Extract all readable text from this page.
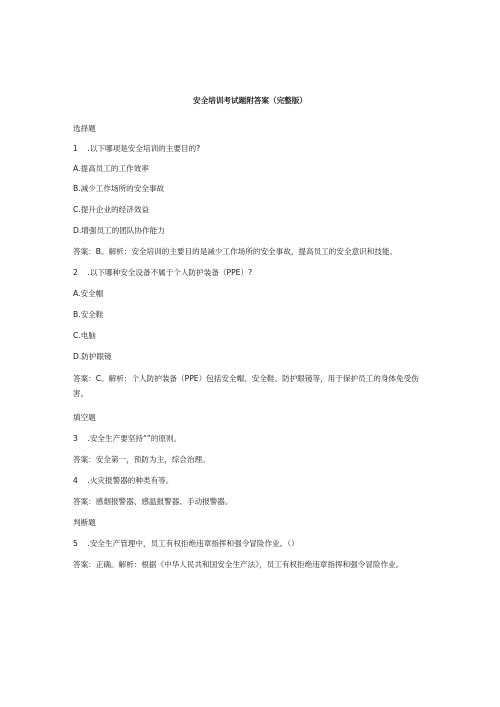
安全培训考试题附答案（完整版）
选择题
1 .以下哪项是安全培训的主要目的?
A.提高员工的工作效率
B.减少工作场所的安全事故
C.提升企业的经济效益
D.增强员工的团队协作能力
答案：B。解析：安全培训的主要目的是减少工作场所的安全事故，提高员工的安全意识和技能。
2 .以下哪种安全设备不属于个人防护装备（PPE）?
A.安全帽
B.安全鞋
C.电脑
D.防护眼镜
答案：C。解析：个人防护装备（PPE）包括安全帽、安全鞋、防护眼镜等，用于保护员工的身体免受伤害。
填空题
3 .安全生产要坚持“”的原则。
答案：安全第一，预防为主，综合治理。
4 .火灾报警器的种类有等。
答案：感烟报警器、感温报警器、手动报警器。
判断题
5 .安全生产管理中，员工有权拒绝违章指挥和强令冒险作业。（）
答案：正确。解析：根据《中华人民共和国安全生产法》，员工有权拒绝违章指挥和强令冒险作业。
